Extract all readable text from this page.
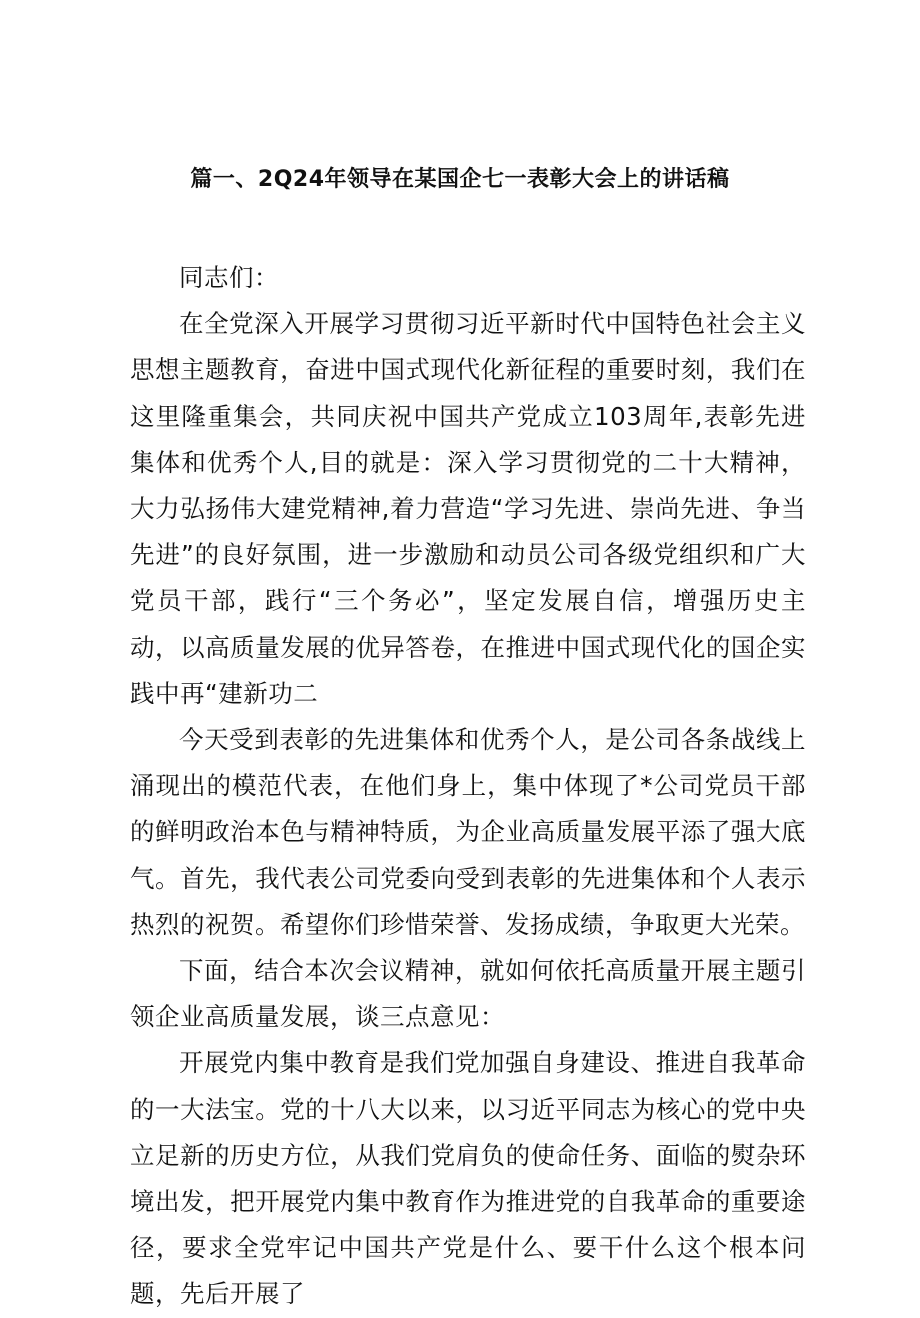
篇一、2Q24年领导在某国企七一表彰大会上的讲话稿

同志们：

在全党深入开展学习贯彻习近平新时代中国特色社会主义思想主题教育，奋进中国式现代化新征程的重要时刻，我们在这里隆重集会，共同庆祝中国共产党成立103周年,表彰先进集体和优秀个人,目的就是：深入学习贯彻党的二十大精神，大力弘扬伟大建党精神,着力营造“学习先进、崇尚先进、争当先进”的良好氛围，进一步激励和动员公司各级党组织和广大党员干部，践行“三个务必”，坚定发展自信，增强历史主动，以高质量发展的优异答卷，在推进中国式现代化的国企实践中再“建新功二

今天受到表彰的先进集体和优秀个人，是公司各条战线上涌现出的模范代表，在他们身上，集中体现了*公司党员干部的鲜明政治本色与精神特质，为企业高质量发展平添了强大底气。首先，我代表公司党委向受到表彰的先进集体和个人表示热烈的祝贺。希望你们珍惜荣誉、发扬成绩，争取更大光荣。

下面，结合本次会议精神，就如何依托高质量开展主题引领企业高质量发展，谈三点意见：

开展党内集中教育是我们党加强自身建设、推进自我革命的一大法宝。党的十八大以来，以习近平同志为核心的党中央立足新的历史方位，从我们党肩负的使命任务、面临的熨杂环境出发，把开展党内集中教育作为推进党的自我革命的重要途径，要求全党牢记中国共产党是什么、要干什么这个根本问题，先后开展了
